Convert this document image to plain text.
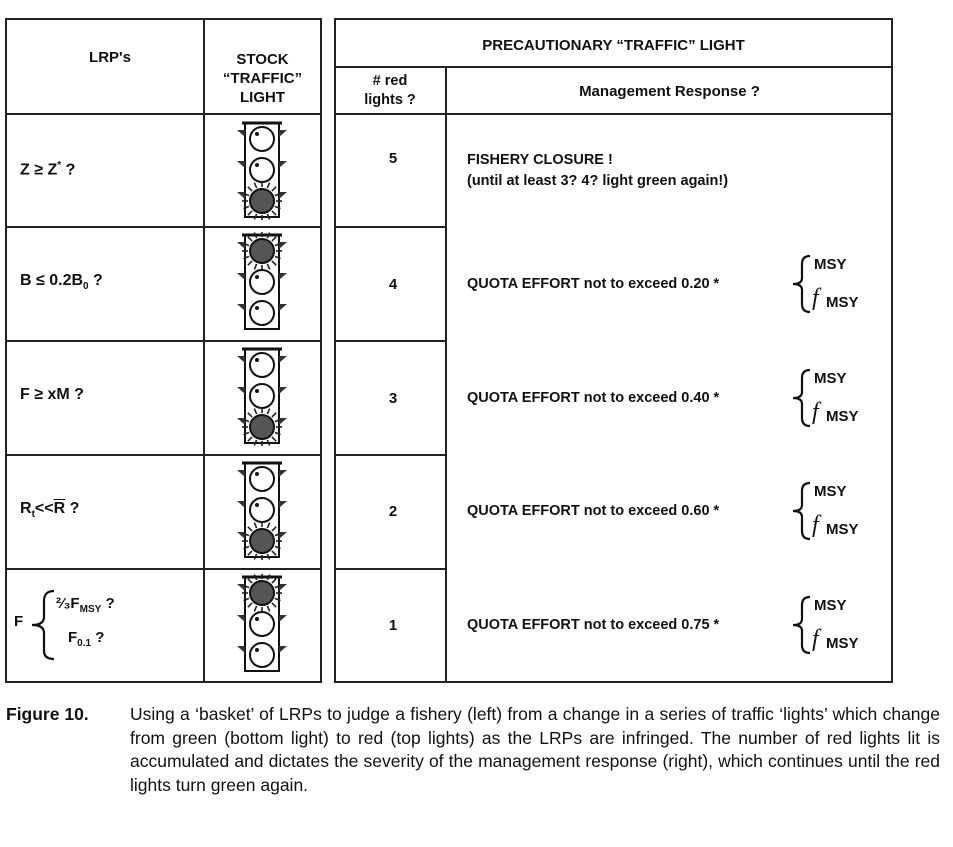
LRP's	STOCK
“TRAFFIC”
LIGHT
Z ≥ Z* ?
$B \le 0.2B_0$ ?
F ≥ xM ?
$R_t<<\overline{R}$ ?
F
$^2⁄_3F_{MSY}$ ?
$F_{0.1}$ ?
PRECAUTIONARY “TRAFFIC” LIGHT
# red
lights ?	Management Response ?
5
4
3
2
1
FISHERY CLOSURE !
(until at least 3? 4? light green again!)
QUOTA EFFORT not to exceed 0.20 *
QUOTA EFFORT not to exceed 0.40 *
QUOTA EFFORT not to exceed 0.60 *
QUOTA EFFORT not to exceed 0.75 *
MSY
f MSY
MSY
f MSY
MSY
f MSY
MSY
f MSY
Figure 10. Using a ‘basket’ of LRPs to judge a fishery (left) from a change in a series of traffic ‘lights’ which change from green (bottom light) to red (top lights) as the LRPs are infringed. The number of red lights lit is accumulated and dictates the severity of the management response (right), which continues until the red lights turn green again.
